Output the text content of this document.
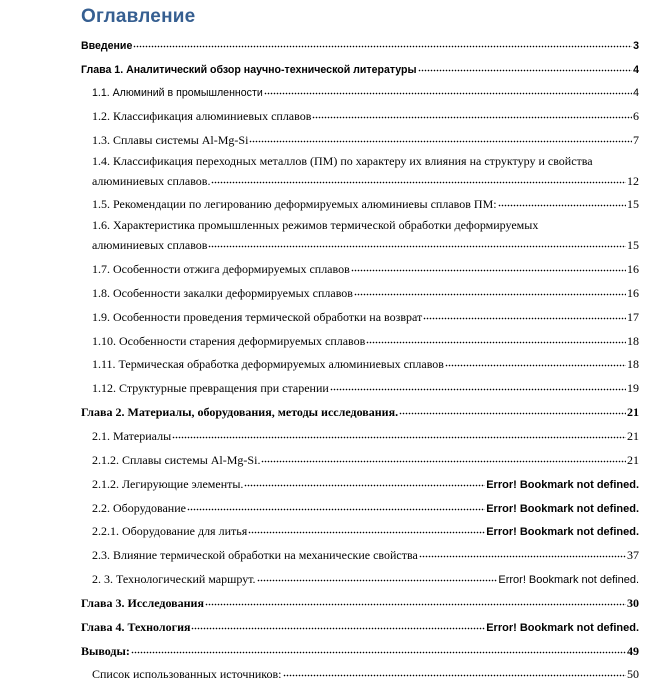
Оглавление
Введение	3
Глава 1. Аналитический обзор научно-технической литературы	4
1.1. Алюминий в промышленности	4
1.2. Классификация алюминиевых сплавов	6
1.3. Сплавы системы Al-Mg-Si	7
1.4. Классификация переходных металлов (ПМ) по характеру их влияния на структуру и свойства
алюминиевых сплавов.	12
1.5. Рекомендации по легированию деформируемых алюминиевы сплавов ПМ:	15
1.6. Характеристика промышленных режимов термической обработки деформируемых
алюминиевых сплавов	15
1.7. Особенности отжига деформируемых сплавов	16
1.8. Особенности закалки деформируемых сплавов	16
1.9. Особенности проведения термической обработки на возврат	17
1.10. Особенности старения деформируемых сплавов	18
1.11. Термическая обработка деформируемых алюминиевых сплавов	18
1.12. Структурные превращения при старении	19
Глава 2. Материалы, оборудования, методы исследования.	21
2.1. Материалы	21
2.1.2. Сплавы системы Al-Mg-Si.	21
2.1.2. Легирующие элементы.	Error! Bookmark not defined.
2.2. Оборудование	Error! Bookmark not defined.
2.2.1. Оборудование для литья	Error! Bookmark not defined.
2.3. Влияние термической обработки на механические свойства	37
2. 3. Технологический маршрут.	Error! Bookmark not defined.
Глава 3. Исследования	30
Глава 4. Технология	Error! Bookmark not defined.
Выводы:	49
Список использованных источников:	50
